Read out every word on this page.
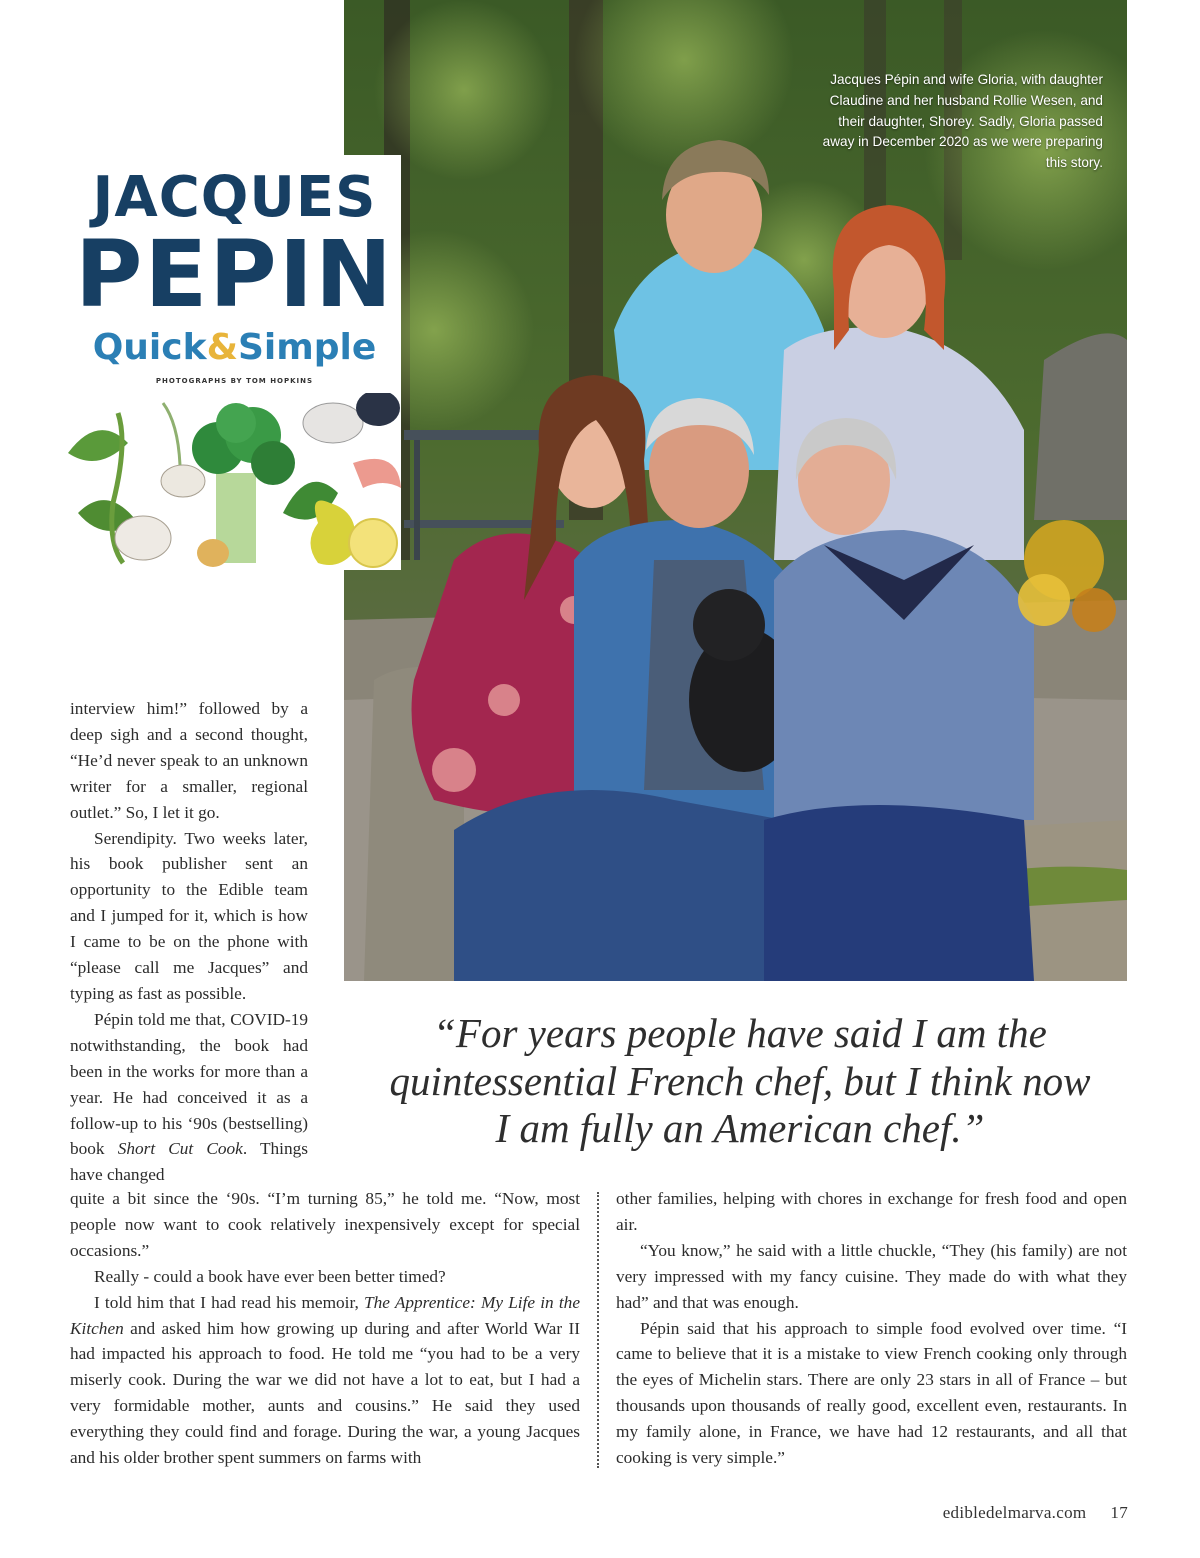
Jacques Pépin and wife Gloria, with daughter Claudine and her husband Rollie Wesen, and their daughter, Shorey. Sadly, Gloria passed away in December 2020 as we were preparing this story.
JACQUES
PEPIN
Quick&Simple
PHOTOGRAPHS BY TOM HOPKINS

interview him!” followed by a deep sigh and a second thought, “He’d never speak to an unknown writer for a smaller, regional outlet.” So, I let it go.

Serendipity. Two weeks later, his book publisher sent an opportunity to the Edible team and I jumped for it, which is how I came to be on the phone with “please call me Jacques” and typing as fast as possible.

Pépin told me that, COVID-19 notwithstanding, the book had been in the works for more than a year. He had conceived it as a follow-up to his ‘90s (bestselling) book Short Cut Cook. Things have changed

“For years people have said I am the
quintessential French chef, but I think now
I am fully an American chef.”

quite a bit since the ‘90s. “I’m turning 85,” he told me. “Now, most people now want to cook relatively inexpensively except for special occasions.”

Really - could a book have ever been better timed?

I told him that I had read his memoir, The Apprentice: My Life in the Kitchen and asked him how growing up during and after World War II had impacted his approach to food. He told me “you had to be a very miserly cook. During the war we did not have a lot to eat, but I had a very formidable mother, aunts and cousins.” He said they used everything they could find and forage. During the war, a young Jacques and his older brother spent summers on farms with

other families, helping with chores in exchange for fresh food and open air.

“You know,” he said with a little chuckle, “They (his family) are not very impressed with my fancy cuisine. They made do with what they had” and that was enough.

Pépin said that his approach to simple food evolved over time. “I came to believe that it is a mistake to view French cooking only through the eyes of Michelin stars. There are only 23 stars in all of France – but thousands upon thousands of really good, excellent even, restaurants. In my family alone, in France, we have had 12 restaurants, and all that cooking is very simple.”

edibledelmarva.com 17
